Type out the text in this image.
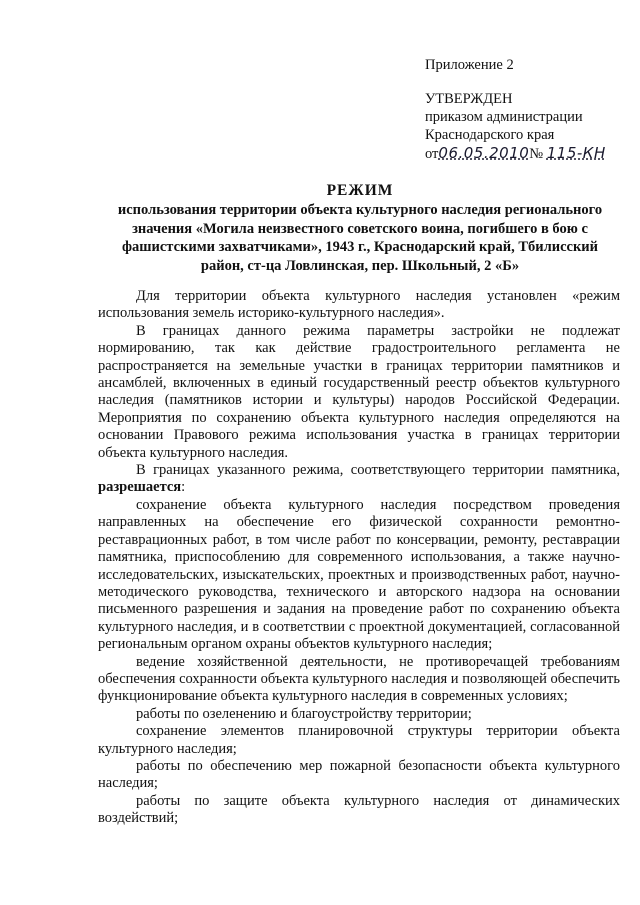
Приложение 2
УТВЕРЖДЕН
приказом администрации
Краснодарского края
от06.05.2010№ 115-КН
РЕЖИМ
использования территории объекта культурного наследия регионального значения «Могила неизвестного советского воина, погибшего в бою с фашистскими захватчиками», 1943 г., Краснодарский край, Тбилисский район, ст-ца Ловлинская, пер. Школьный, 2 «Б»

Для территории объекта культурного наследия установлен «режим использования земель историко-культурного наследия».

В границах данного режима параметры застройки не подлежат нормированию, так как действие градостроительного регламента не распространяется на земельные участки в границах территории памятников и ансамблей, включенных в единый государственный реестр объектов культурного наследия (памятников истории и культуры) народов Российской Федерации. Мероприятия по сохранению объекта культурного наследия определяются на основании Правового режима использования участка в границах территории объекта культурного наследия.

В границах указанного режима, соответствующего территории памятника, разрешается:

сохранение объекта культурного наследия посредством проведения направленных на обеспечение его физической сохранности ремонтно-реставрационных работ, в том числе работ по консервации, ремонту, реставрации памятника, приспособлению для современного использования, а также научно-исследовательских, изыскательских, проектных и производственных работ, научно-методического руководства, технического и авторского надзора на основании письменного разрешения и задания на проведение работ по сохранению объекта культурного наследия, и в соответствии с проектной документацией, согласованной региональным органом охраны объектов культурного наследия;

ведение хозяйственной деятельности, не противоречащей требованиям обеспечения сохранности объекта культурного наследия и позволяющей обеспечить функционирование объекта культурного наследия в современных условиях;

работы по озеленению и благоустройству территории;

сохранение элементов планировочной структуры территории объекта культурного наследия;

работы по обеспечению мер пожарной безопасности объекта культурного наследия;

работы по защите объекта культурного наследия от динамических воздействий;
